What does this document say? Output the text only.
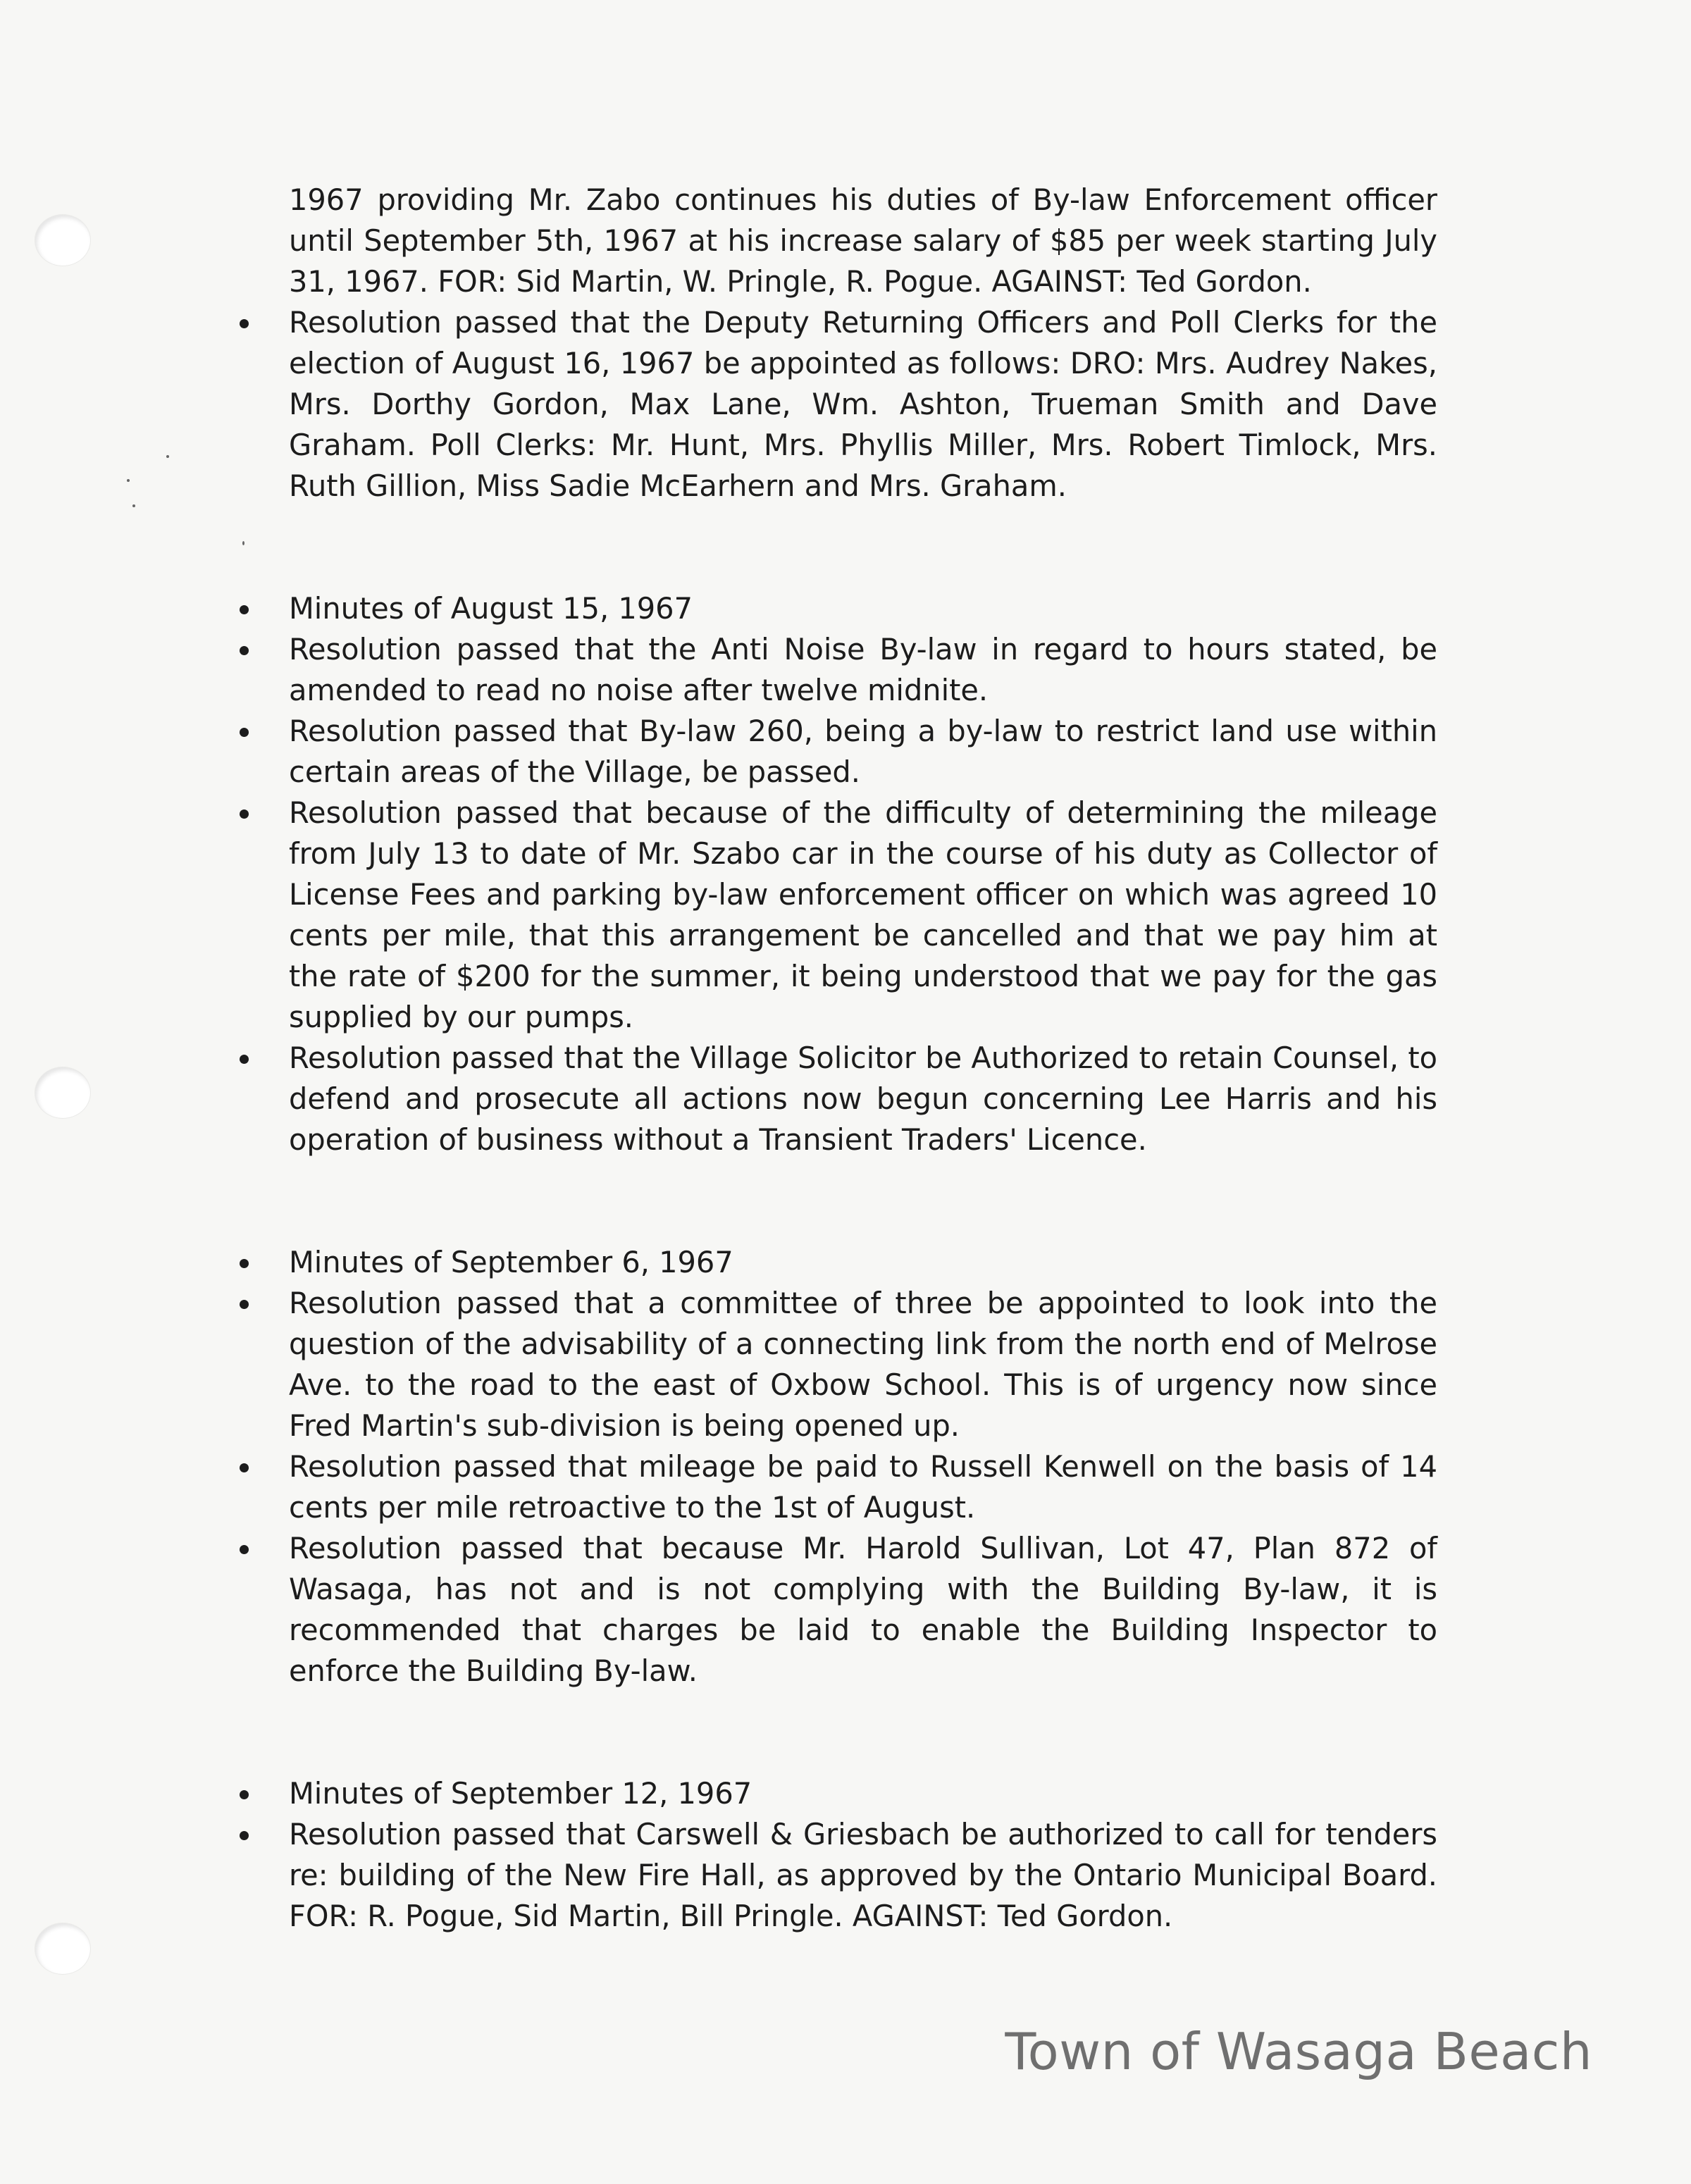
1967 providing Mr. Zabo continues his duties of By-law Enforcement officer until September 5th, 1967 at his increase salary of $85 per week starting July 31, 1967. FOR: Sid Martin, W. Pringle, R. Pogue. AGAINST: Ted Gordon.
Resolution passed that the Deputy Returning Officers and Poll Clerks for the election of August 16, 1967 be appointed as follows: DRO: Mrs. Audrey Nakes, Mrs. Dorthy Gordon, Max Lane, Wm. Ashton, Trueman Smith and Dave Graham. Poll Clerks: Mr. Hunt, Mrs. Phyllis Miller, Mrs. Robert Timlock, Mrs. Ruth Gillion, Miss Sadie McEarhern and Mrs. Graham.
Minutes of August 15, 1967
Resolution passed that the Anti Noise By-law in regard to hours stated, be amended to read no noise after twelve midnite.
Resolution passed that By-law 260, being a by-law to restrict land use within certain areas of the Village, be passed.
Resolution passed that because of the difficulty of determining the mileage from July 13 to date of Mr. Szabo car in the course of his duty as Collector of License Fees and parking by-law enforcement officer on which was agreed 10 cents per mile, that this arrangement be cancelled and that we pay him at the rate of $200 for the summer, it being understood that we pay for the gas supplied by our pumps.
Resolution passed that the Village Solicitor be Authorized to retain Counsel, to defend and prosecute all actions now begun concerning Lee Harris and his operation of business without a Transient Traders' Licence.
Minutes of September 6, 1967
Resolution passed that a committee of three be appointed to look into the question of the advisability of a connecting link from the north end of Melrose Ave. to the road to the east of Oxbow School. This is of urgency now since Fred Martin's sub-division is being opened up.
Resolution passed that mileage be paid to Russell Kenwell on the basis of 14 cents per mile retroactive to the 1st of August.
Resolution passed that because Mr. Harold Sullivan, Lot 47, Plan 872 of Wasaga, has not and is not complying with the Building By-law, it is recommended that charges be laid to enable the Building Inspector to enforce the Building By-law.
Minutes of September 12, 1967
Resolution passed that Carswell & Griesbach be authorized to call for tenders re: building of the New Fire Hall, as approved by the Ontario Municipal Board. FOR: R. Pogue, Sid Martin, Bill Pringle. AGAINST: Ted Gordon.
Town of Wasaga Beach
